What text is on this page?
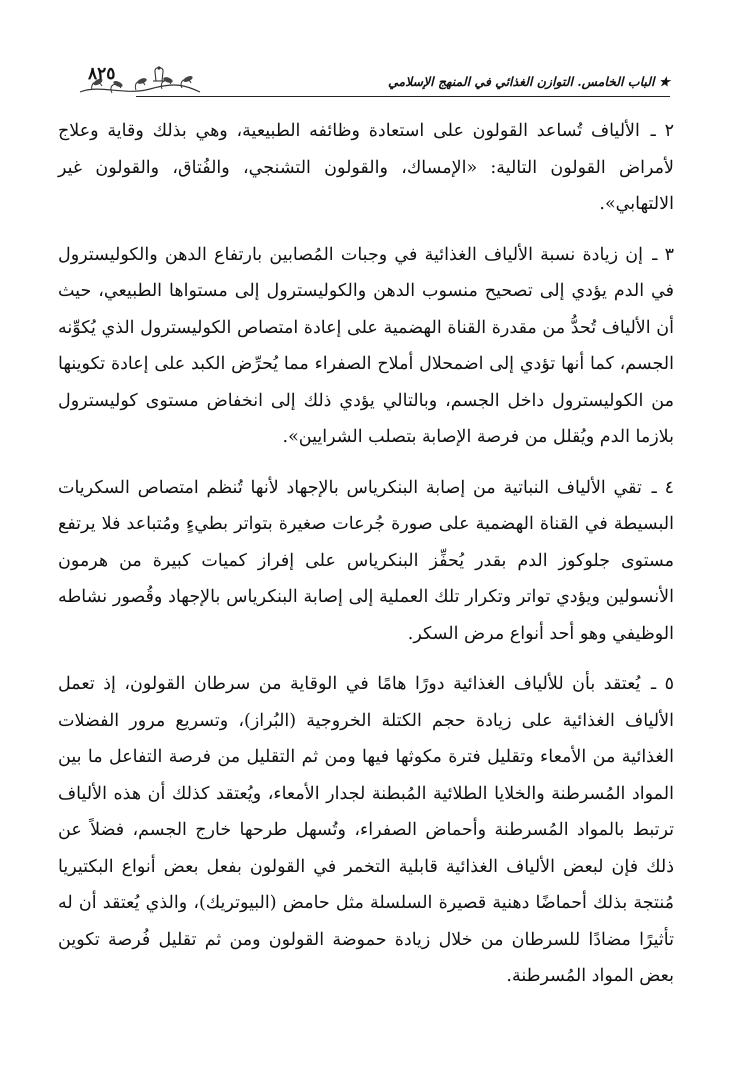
★ الباب الخامس. التوازن الغذائي في المنهج الإسلامي
٨٢٥

٢ ـ الألياف تُساعد القولون على استعادة وظائفه الطبيعية، وهي بذلك وقاية وعلاج لأمراض القولون التالية: «الإمساك، والقولون التشنجي، والفُتاق، والقولون غير الالتهابي».

٣ ـ إن زيادة نسبة الألياف الغذائية في وجبات المُصابين بارتفاع الدهن والكوليسترول في الدم يؤدي إلى تصحيح منسوب الدهن والكوليسترول إلى مستواها الطبيعي، حيث أن الألياف تُحدُّ من مقدرة القناة الهضمية على إعادة امتصاص الكوليسترول الذي يُكوِّنه الجسم، كما أنها تؤدي إلى اضمحلال أملاح الصفراء مما يُحرِّض الكبد على إعادة تكوينها من الكوليسترول داخل الجسم، وبالتالي يؤدي ذلك إلى انخفاض مستوى كوليسترول بلازما الدم ويُقلل من فرصة الإصابة بتصلب الشرايين».

٤ ـ تقي الألياف النباتية من إصابة البنكرياس بالإجهاد لأنها تُنظم امتصاص السكريات البسيطة في القناة الهضمية على صورة جُرعات صغيرة بتواتر بطيءٍ ومُتباعد فلا يرتفع مستوى جلوكوز الدم بقدر يُحفِّز البنكرياس على إفراز كميات كبيرة من هرمون الأنسولين ويؤدي تواتر وتكرار تلك العملية إلى إصابة البنكرياس بالإجهاد وقُصور نشاطه الوظيفي وهو أحد أنواع مرض السكر.

٥ ـ يُعتقد بأن للألياف الغذائية دورًا هامًا في الوقاية من سرطان القولون، إذ تعمل الألياف الغذائية على زيادة حجم الكتلة الخروجية (البُراز)، وتسريع مرور الفضلات الغذائية من الأمعاء وتقليل فترة مكوثها فيها ومن ثم التقليل من فرصة التفاعل ما بين المواد المُسرطنة والخلايا الطلائية المُبطنة لجدار الأمعاء، ويُعتقد كذلك أن هذه الألياف ترتبط بالمواد المُسرطنة وأحماض الصفراء، وتُسهل طرحها خارج الجسم، فضلاً عن ذلك فإن لبعض الألياف الغذائية قابلية التخمر في القولون بفعل بعض أنواع البكتيريا مُنتجة بذلك أحماضًا دهنية قصيرة السلسلة مثل حامض (البيوتريك)، والذي يُعتقد أن له تأثيرًا مضادًا للسرطان من خلال زيادة حموضة القولون ومن ثم تقليل فُرصة تكوين بعض المواد المُسرطنة.
